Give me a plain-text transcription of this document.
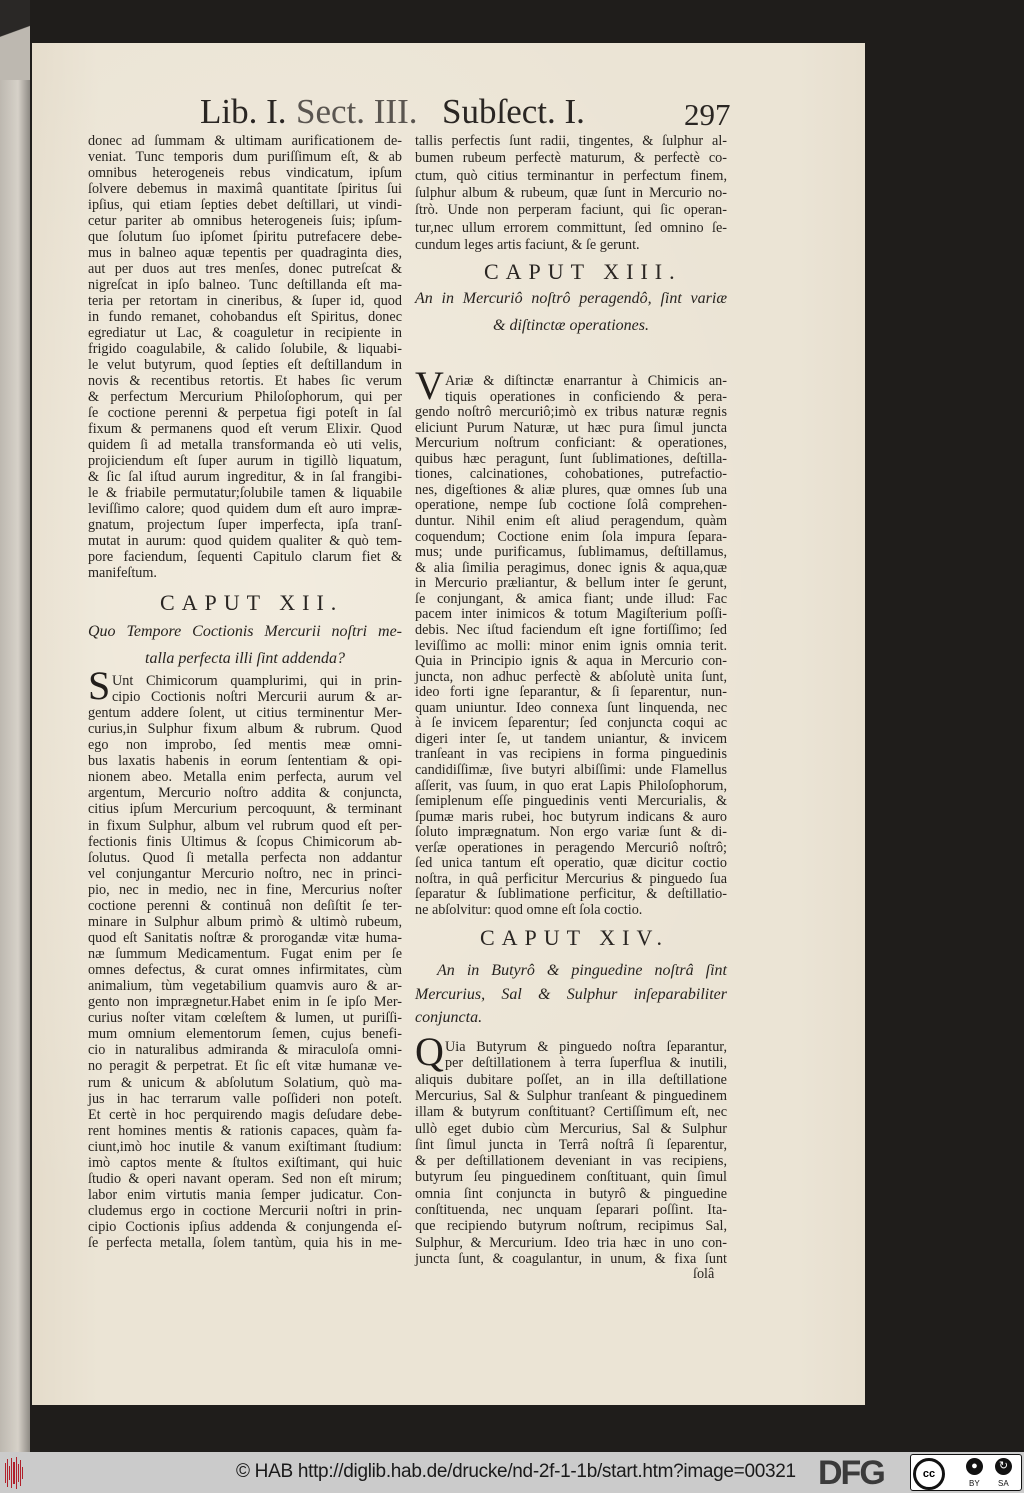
Lib. I. Sect. III. Subſect. I.	297
donec ad ſummam & ultimam aurificationem de-
veniat. Tunc temporis dum puriſſimum eſt, & ab
omnibus heterogeneis rebus vindicatum, ipſum
ſolvere debemus in maximâ quantitate ſpiritus ſui
ipſius, qui etiam ſepties debet deſtillari, ut vindi-
cetur pariter ab omnibus heterogeneis ſuis; ipſum-
que ſolutum ſuo ipſomet ſpiritu putrefacere debe-
mus in balneo aquæ tepentis per quadraginta dies,
aut per duos aut tres menſes, donec putreſcat &
nigreſcat in ipſo balneo. Tunc deſtillanda eſt ma-
teria per retortam in cineribus, & ſuper id, quod
in fundo remanet, cohobandus eſt Spiritus, donec
egrediatur ut Lac, & coaguletur in recipiente in
frigido coagulabile, & calido ſolubile, & liquabi-
le velut butyrum, quod ſepties eſt deſtillandum in
novis & recentibus retortis. Et habes ſic verum
& perfectum Mercurium Philoſophorum, qui per
ſe coctione perenni & perpetua figi poteſt in ſal
fixum & permanens quod eſt verum Elixir. Quod
quidem ſi ad metalla transformanda eò uti velis,
projiciendum eſt ſuper aurum in tigillò liquatum,
& ſic ſal iſtud aurum ingreditur, & in ſal frangibi-
le & friabile permutatur;ſolubile tamen & liquabile
leviſſimo calore; quod quidem dum eſt auro impræ-
gnatum, projectum ſuper imperfecta, ipſa tranſ-
mutat in aurum: quod quidem qualiter & quò tem-
pore faciendum, ſequenti Capitulo clarum fiet &
manifeſtum.
S Unt Chimicorum quamplurimi, qui in prin-
cipio Coctionis noſtri Mercurii aurum & ar-
gentum addere ſolent, ut citius terminentur Mer-
curius,in Sulphur fixum album & rubrum. Quod
ego non improbo, ſed mentis meæ omni-
bus laxatis habenis in eorum ſententiam & opi-
nionem abeo. Metalla enim perfecta, aurum vel
argentum, Mercurio noſtro addita & conjuncta,
citius ipſum Mercurium percoquunt, & terminant
in fixum Sulphur, album vel rubrum quod eſt per-
fectionis finis Ultimus & ſcopus Chimicorum ab-
ſolutus. Quod ſi metalla perfecta non addantur
vel conjungantur Mercurio noſtro, nec in princi-
pio, nec in medio, nec in fine, Mercurius noſter
coctione perenni & continuâ non deſiſtit ſe ter-
minare in Sulphur album primò & ultimò rubeum,
quod eſt Sanitatis noſtræ & prorogandæ vitæ huma-
næ ſummum Medicamentum. Fugat enim per ſe
omnes defectus, & curat omnes infirmitates, cùm
animalium, tùm vegetabilium quamvis auro & ar-
gento non imprægnetur.Habet enim in ſe ipſo Mer-
curius noſter vitam cœleſtem & lumen, ut puriſſi-
mum omnium elementorum ſemen, cujus benefi-
cio in naturalibus admiranda & miraculoſa omni-
no peragit & perpetrat. Et ſic eſt vitæ humanæ ve-
rum & unicum & abſolutum Solatium, quò ma-
jus in hac terrarum valle poſſideri non poteſt.
Et certè in hoc perquirendo magis deſudare debe-
rent homines mentis & rationis capaces, quàm fa-
ciunt,imò hoc inutile & vanum exiſtimant ſtudium:
imò captos mente & ſtultos exiſtimant, qui huic
ſtudio & operi navant operam. Sed non eſt mirum;
labor enim virtutis mania ſemper judicatur. Con-
cludemus ergo in coctione Mercurii noſtri in prin-
cipio Coctionis ipſius addenda & conjungenda eſ-
ſe perfecta metalla, ſolem tantùm, quia his in me-
tallis perfectis ſunt radii, tingentes, & ſulphur al-
bumen rubeum perfectè maturum, & perfectè co-
ctum, quò citius terminantur in perfectum finem,
ſulphur album & rubeum, quæ ſunt in Mercurio no-
ſtrò. Unde non perperam faciunt, qui ſic operan-
tur,nec ullum errorem committunt, ſed omnino ſe-
cundum leges artis faciunt, & ſe gerunt.
V Ariæ & diſtinctæ enarrantur à Chimicis an-
tiquis operationes in conficiendo & pera-
gendo noſtrô mercuriô;imò ex tribus naturæ regnis
eliciunt Purum Naturæ, ut hæc pura ſimul juncta
Mercurium noſtrum conficiant: & operationes,
quibus hæc peragunt, ſunt ſublimationes, deſtilla-
tiones, calcinationes, cohobationes, putrefactio-
nes, digeſtiones & aliæ plures, quæ omnes ſub una
operatione, nempe ſub coctione ſolâ comprehen-
duntur. Nihil enim eſt aliud peragendum, quàm
coquendum; Coctione enim ſola impura ſepara-
mus; unde purificamus, ſublimamus, deſtillamus,
& alia ſimilia peragimus, donec ignis & aqua,quæ
in Mercurio præliantur, & bellum inter ſe gerunt,
ſe conjungant, & amica fiant; unde illud: Fac
pacem inter inimicos & totum Magiſterium poſſi-
debis. Nec iſtud faciendum eſt igne fortiſſimo; ſed
leviſſimo ac molli: minor enim ignis omnia terit.
Quia in Principio ignis & aqua in Mercurio con-
juncta, non adhuc perfectè & abſolutè unita ſunt,
ideo forti igne ſeparantur, & ſi ſeparentur, nun-
quam uniuntur. Ideo connexa ſunt linquenda, nec
à ſe invicem ſeparentur; ſed conjuncta coqui ac
digeri inter ſe, ut tandem uniantur, & invicem
tranſeant in vas recipiens in forma pinguedinis
candidiſſimæ, ſive butyri albiſſimi: unde Flamellus
aſſerit, vas ſuum, in quo erat Lapis Philoſophorum,
ſemiplenum eſſe pinguedinis venti Mercurialis, &
ſpumæ maris rubei, hoc butyrum indicans & auro
ſoluto imprægnatum. Non ergo variæ ſunt & di-
verſæ operationes in peragendo Mercuriô noſtrô;
ſed unica tantum eſt operatio, quæ dicitur coctio
noſtra, in quâ perficitur Mercurius & pinguedo ſua
ſeparatur & ſublimatione perficitur, & deſtillatio-
ne abſolvitur: quod omne eſt ſola coctio.
Q Uia Butyrum & pinguedo noſtra ſeparantur,
per deſtillationem à terra ſuperflua & inutili,
aliquis dubitare poſſet, an in illa deſtillatione
Mercurius, Sal & Sulphur tranſeant & pinguedinem
illam & butyrum conſtituant? Certiſſimum eſt, nec
ullò eget dubio cùm Mercurius, Sal & Sulphur
ſint ſimul juncta in Terrâ noſtrâ ſi ſeparentur,
& per deſtillationem deveniant in vas recipiens,
butyrum ſeu pinguedinem conſtituant, quin ſimul
omnia ſint conjuncta in butyrô & pinguedine
conſtituenda, nec unquam ſeparari poſſint. Ita-
que recipiendo butyrum noſtrum, recipimus Sal,
Sulphur, & Mercurium. Ideo tria hæc in uno con-
juncta ſunt, & coagulantur, in unum, & fixa ſunt
CAPUT XII.
Quo Tempore Coctionis Mercurii noſtri me-
talla perfecta illi ſint addenda?
CAPUT XIII.
An in Mercuriô noſtrô peragendô, ſint variæ
& diſtinctæ operationes.
CAPUT XIV.
An in Butyrô & pinguedine noſtrâ ſint
Mercurius, Sal & Sulphur inſeparabiliter
conjuncta.
ſolâ
© HAB http://diglib.hab.de/drucke/nd-2f-1-1b/start.htm?image=00321 DFG	cc
●	↻
BY SA
